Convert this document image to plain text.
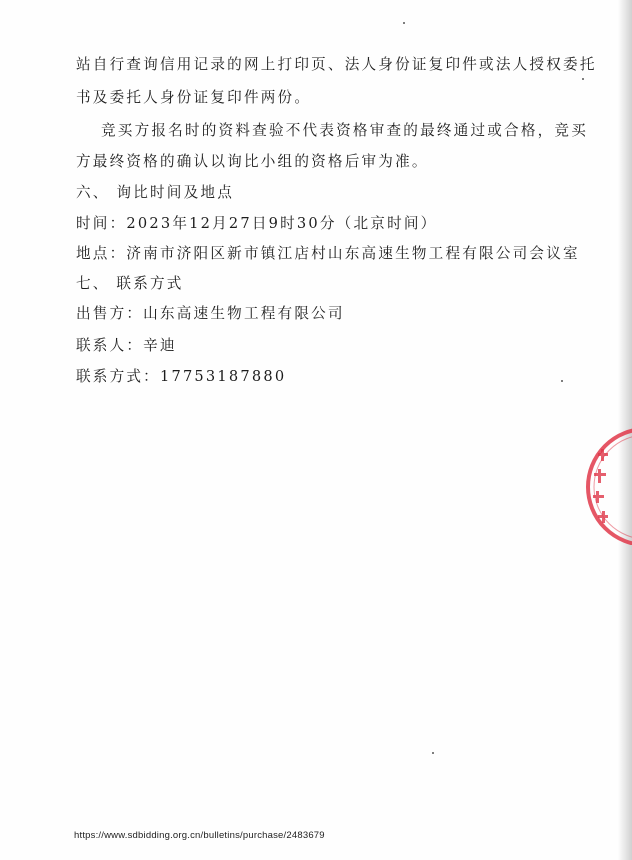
站自行查询信用记录的网上打印页、法人身份证复印件或法人授权委托
书及委托人身份证复印件两份。
竞买方报名时的资料查验不代表资格审查的最终通过或合格，竞买
方最终资格的确认以询比小组的资格后审为准。
六、 询比时间及地点
时间：2023年12月27日9时30分（北京时间）
地点：济南市济阳区新市镇江店村山东高速生物工程有限公司会议室
七、 联系方式
出售方：山东高速生物工程有限公司
联系人：辛迪
联系方式：17753187880
https://www.sdbidding.org.cn/bulletins/purchase/2483679
